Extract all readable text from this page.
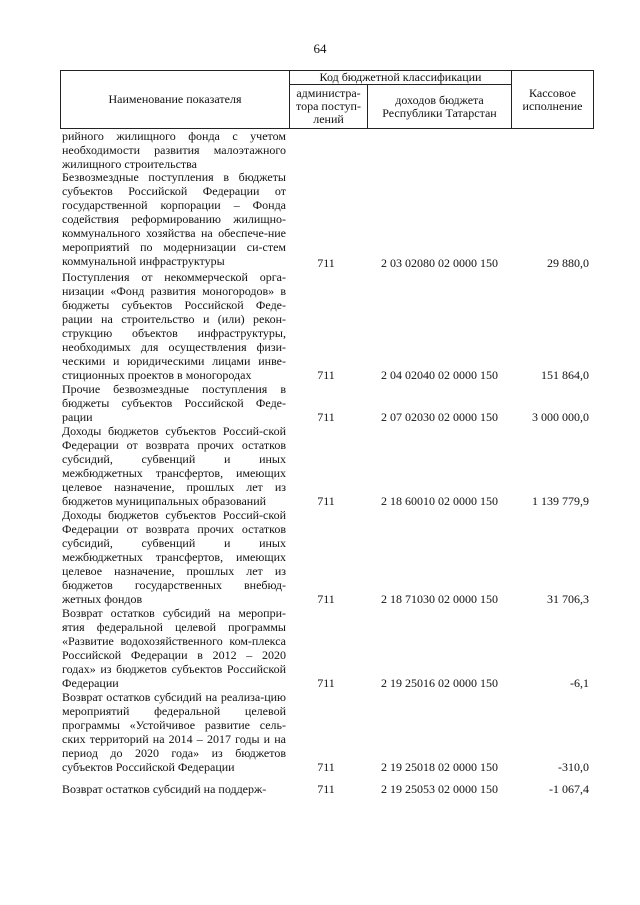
64
Наименование показателя
Код бюджетной классификации
администра-тора поступ-лений
доходов бюджета Республики Татарстан
Кассовое исполнение
рийного жилищного фонда с учетом необходимости развития малоэтажного жилищного строительства
Безвозмездные поступления в бюджеты субъектов Российской Федерации от государственной корпорации – Фонда содействия реформированию жилищно-коммунального хозяйства на обеспече-ние мероприятий по модернизации си-стем коммунальной инфраструктуры	711	2 03 02080 02 0000 150	29 880,0
Поступления от некоммерческой орга-низации «Фонд развития моногородов» в бюджеты субъектов Российской Феде-рации на строительство и (или) рекон-струкцию объектов инфраструктуры, необходимых для осуществления физи-ческими и юридическими лицами инве-стиционных проектов в моногородах	711	2 04 02040 02 0000 150	151 864,0
Прочие безвозмездные поступления в бюджеты субъектов Российской Феде-рации	711	2 07 02030 02 0000 150	3 000 000,0
Доходы бюджетов субъектов Россий-ской Федерации от возврата прочих остатков субсидий, субвенций и иных межбюджетных трансфертов, имеющих целевое назначение, прошлых лет из бюджетов муниципальных образований	711	2 18 60010 02 0000 150	1 139 779,9
Доходы бюджетов субъектов Россий-ской Федерации от возврата прочих остатков субсидий, субвенций и иных межбюджетных трансфертов, имеющих целевое назначение, прошлых лет из бюджетов государственных внебюд-жетных фондов	711	2 18 71030 02 0000 150	31 706,3
Возврат остатков субсидий на меропри-ятия федеральной целевой программы «Развитие водохозяйственного ком-плекса Российской Федерации в 2012 – 2020 годах» из бюджетов субъектов Российской Федерации	711	2 19 25016 02 0000 150	-6,1
Возврат остатков субсидий на реализа-цию мероприятий федеральной целевой программы «Устойчивое развитие сель-ских территорий на 2014 – 2017 годы и на период до 2020 года» из бюджетов субъектов Российской Федерации	711	2 19 25018 02 0000 150	-310,0
Возврат остатков субсидий на поддерж-	711	2 19 25053 02 0000 150	-1 067,4
